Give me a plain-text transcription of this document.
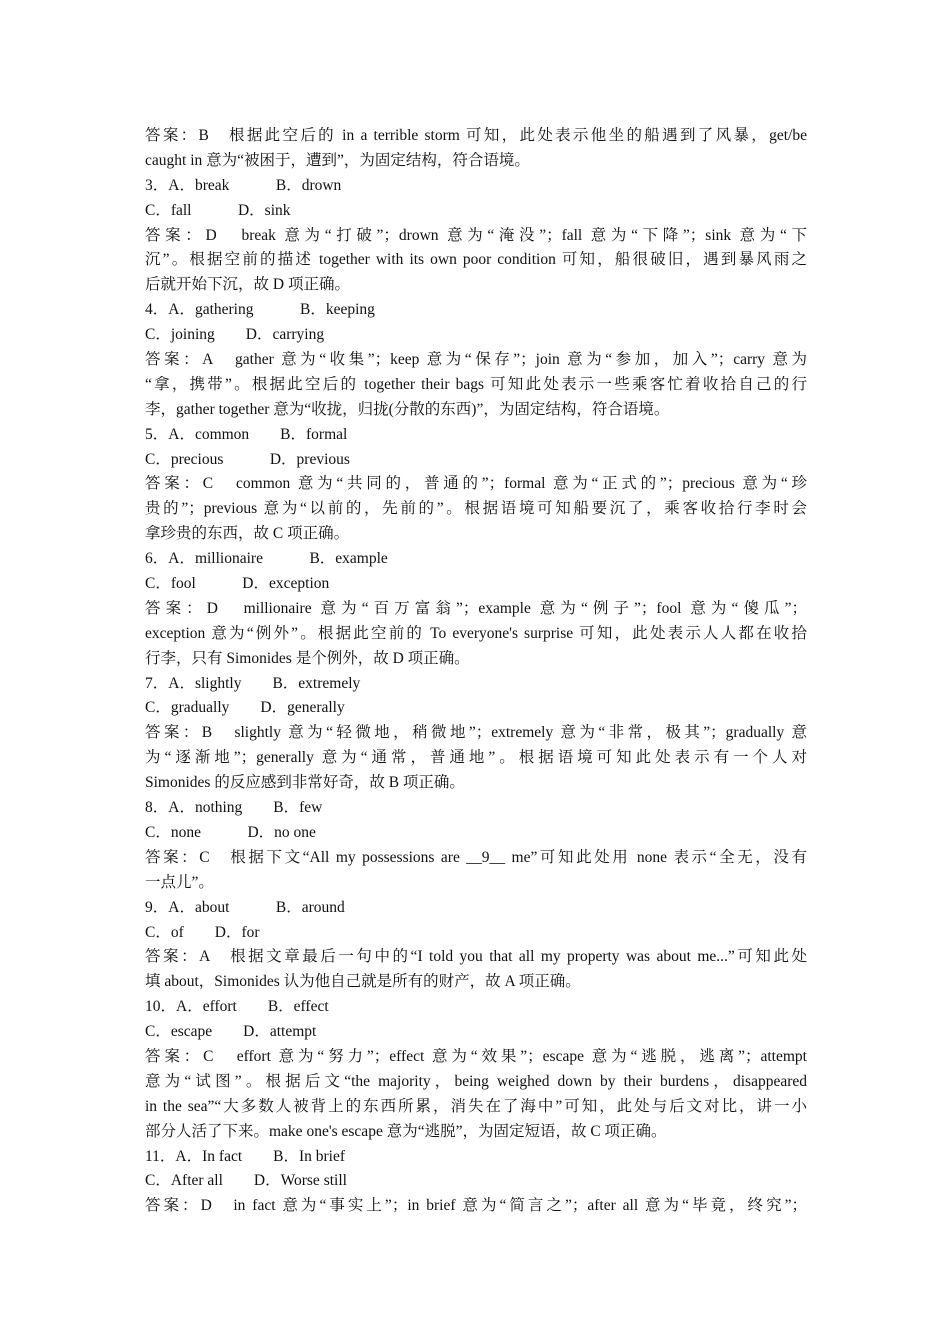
答案：B　根据此空后的 in a terrible storm 可知，此处表示他坐的船遇到了风暴，get/be
caught in 意为“被困于，遭到”，为固定结构，符合语境。
3．A．break　　　B．drown
C．fall　　　D．sink
答案：D　break 意为“打破”；drown 意为“淹没”；fall 意为“下降”；sink 意为“下
沉”。根据空前的描述 together with its own poor condition 可知，船很破旧，遇到暴风雨之
后就开始下沉，故 D 项正确。
4．A．gathering　　　B．keeping
C．joining　　D．carrying
答案：A　gather 意为“收集”；keep 意为“保存”；join 意为“参加，加入”；carry 意为
“拿，携带”。根据此空后的 together their bags 可知此处表示一些乘客忙着收拾自己的行
李，gather together 意为“收拢，归拢(分散的东西)”，为固定结构，符合语境。
5．A．common　　B．formal
C．precious　　　D．previous
答案：C　common 意为“共同的，普通的”；formal 意为“正式的”；precious 意为“珍
贵的”；previous 意为“以前的，先前的”。根据语境可知船要沉了，乘客收拾行李时会
拿珍贵的东西，故 C 项正确。
6．A．millionaire　　　B．example
C．fool　　　D．exception
答案：D　millionaire 意为“百万富翁”；example 意为“例子”；fool 意为“傻瓜”；
exception 意为“例外”。根据此空前的 To everyone's surprise 可知，此处表示人人都在收拾
行李，只有 Simonides 是个例外，故 D 项正确。
7．A．slightly　　B．extremely
C．gradually　　D．generally
答案：B　slightly 意为“轻微地，稍微地”；extremely 意为“非常，极其”；gradually 意
为“逐渐地”；generally 意为“通常，普通地”。根据语境可知此处表示有一个人对
Simonides 的反应感到非常好奇，故 B 项正确。
8．A．nothing　　B．few
C．none　　　D．no one
答案：C　根据下文“All my possessions are __9__ me”可知此处用 none 表示“全无，没有
一点儿”。
9．A．about　　　B．around
C．of　　D．for
答案：A　根据文章最后一句中的“I told you that all my property was about me...”可知此处
填 about，Simonides 认为他自己就是所有的财产，故 A 项正确。
10．A．effort　　B．effect
C．escape　　D．attempt
答案：C　effort 意为“努力”；effect 意为“效果”；escape 意为“逃脱，逃离”；attempt
意为“试图”。根据后文“the majority，being weighed down by their burdens，disappeared
in the sea”“大多数人被背上的东西所累，消失在了海中”可知，此处与后文对比，讲一小
部分人活了下来。make one's escape 意为“逃脱”，为固定短语，故 C 项正确。
11．A．In fact　　B．In brief
C．After all　　D．Worse still
答案：D　in fact 意为“事实上”；in brief 意为“简言之”；after all 意为“毕竟，终究”；
